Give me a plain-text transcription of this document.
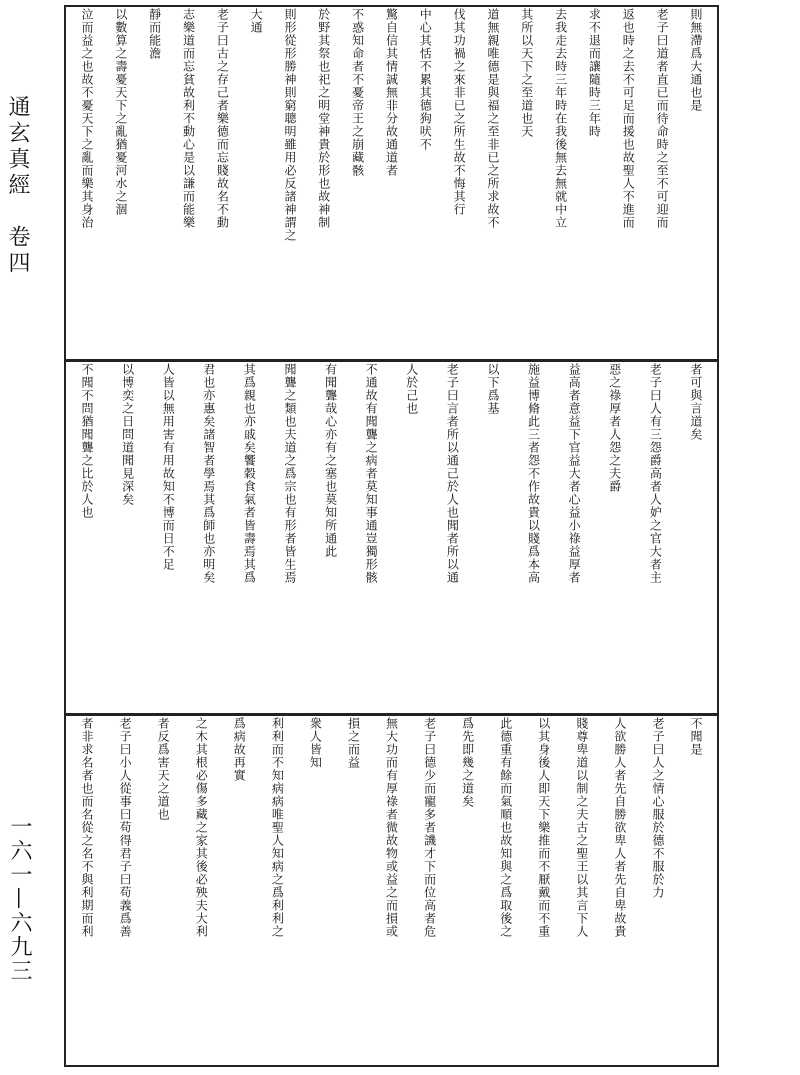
通玄真經　卷四
一六一—六九三
則無滯爲大通也是
老子曰道者直已而待命時之至不可迎而
返也時之去不可足而援也故聖人不進而
求不退而讓隨時三年時
去我走去時三年時在我後無去無就中立
其所以天下之至道也天
道無親唯德是與福之至非已之所求故不
伐其功禍之來非已之所生故不悔其行
中心其恬不累其德狗吠不
驚自信其情誠無非分故通道者
不惑知命者不憂帝王之崩藏骸
於野其祭也祀之明堂神貴於形也故神制
則形從形勝神則窮聰明雖用必反諸神謂之
大通
老子曰古之存己者樂德而忘賤故名不動
志樂道而忘貧故利不動心是以謙而能樂
靜而能澹
以數算之壽憂天下之亂猶憂河水之涸
泣而益之也故不憂天下之亂而樂其身治
者可與言道矣
老子曰人有三怨爵高者人妒之官大者主
惡之祿厚者人怨之夫爵
益高者意益下官益大者心益小祿益厚者
施益博脩此三者怨不作故貴以賤爲本高
以下爲基
老子曰言者所以通己於人也聞者所以通
人於己也
不通故有聞聾之病者莫知事通豈獨形骸
有聞聾哉心亦有之塞也莫知所通此
聞聾之類也夫道之爲宗也有形者皆生焉
其爲親也亦戚矣饗穀食氣者皆壽焉其爲
君也亦惠矣諸智者學焉其爲師也亦明矣
人皆以無用害有用故知不博而日不足
以博奕之日問道聞見深矣
不聞不問猶聞聾之比於人也
不聞是
老子曰人之情心服於德不服於力
人欲勝人者先自勝欲卑人者先自卑故貴
賤尊卑道以制之夫古之聖王以其言下人
以其身後人即天下樂推而不厭戴而不重
此德重有餘而氣順也故知與之爲取後之
爲先即幾之道矣
老子曰德少而寵多者譏才下而位高者危
無大功而有厚祿者微故物或益之而損或
損之而益
衆人皆知
利利而不知病病唯聖人知病之爲利利之
爲病故再實
之木其根必傷多藏之家其後必殃夫大利
者反爲害天之道也
老子曰小人從事曰苟得君子曰苟義爲善
者非求名者也而名從之名不與利期而利
